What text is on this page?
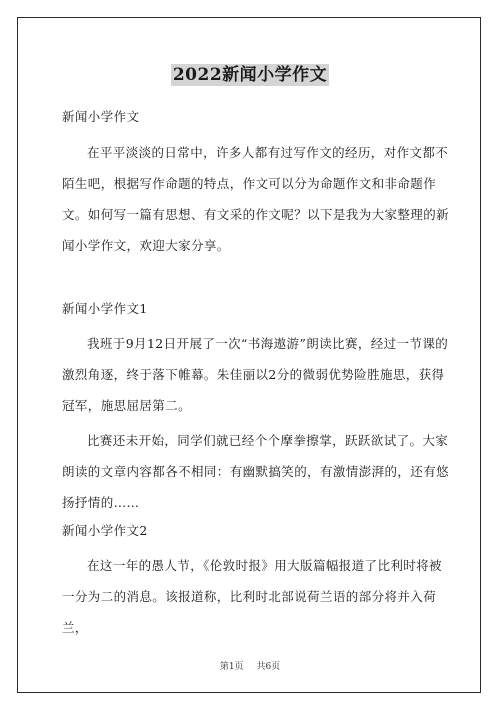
2022新闻小学作文

新闻小学作文

在平平淡淡的日常中，许多人都有过写作文的经历，对作文都不陌生吧，根据写作命题的特点，作文可以分为命题作文和非命题作文。如何写一篇有思想、有文采的作文呢？以下是我为大家整理的新闻小学作文，欢迎大家分享。

新闻小学作文1

我班于9月12日开展了一次“书海遨游”朗读比赛，经过一节课的激烈角逐，终于落下帷幕。朱佳丽以2分的微弱优势险胜施思，获得冠军，施思屈居第二。

比赛还未开始，同学们就已经个个摩拳擦掌，跃跃欲试了。大家朗读的文章内容都各不相同：有幽默搞笑的，有激情澎湃的，还有悠扬抒情的……

新闻小学作文2

在这一年的愚人节，《伦敦时报》用大版篇幅报道了比利时将被一分为二的消息。该报道称，比利时北部说荷兰语的部分将并入荷兰，

第1页 共6页
